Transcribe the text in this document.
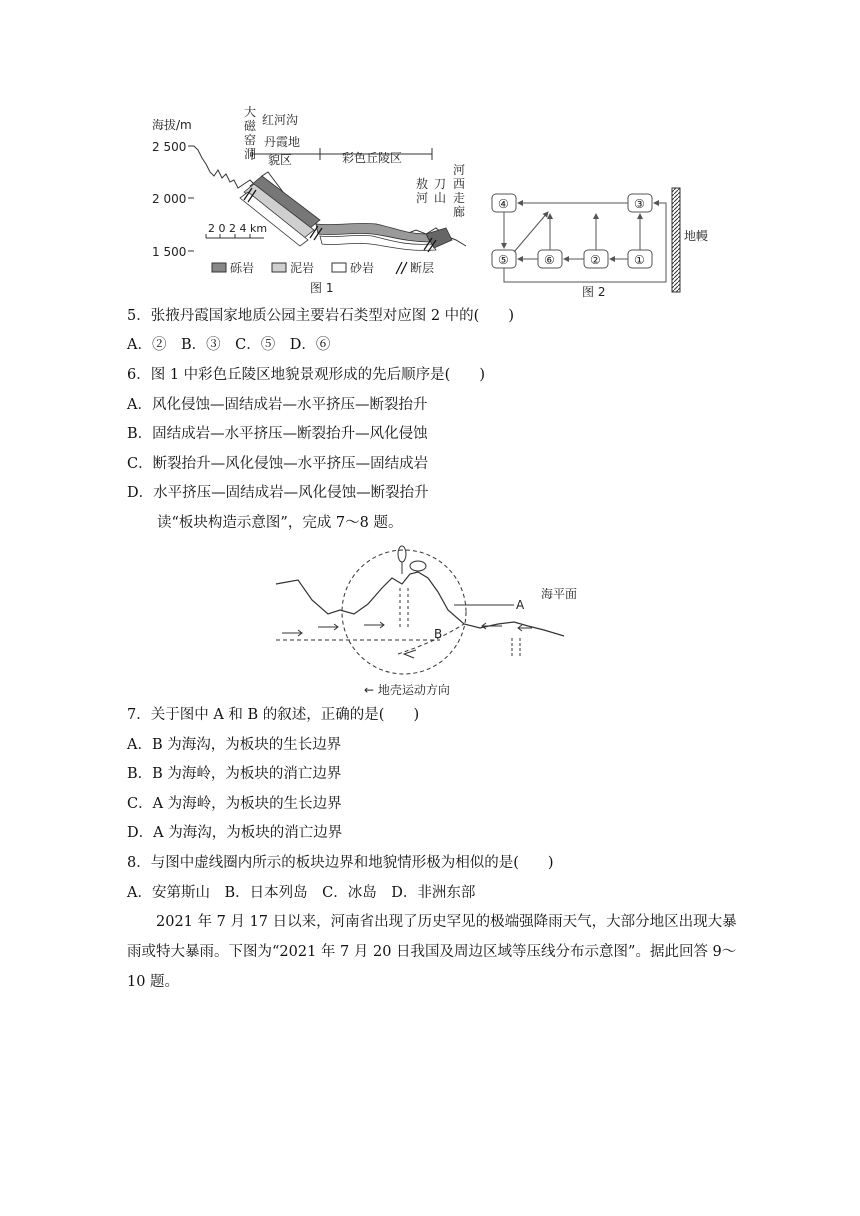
海拔/m
2 500
2 000
1 500
大
磁
窑
洞
红河沟
丹霞地
貌区	彩色丘陵区
敖
河
刀
山
河
西
走
廊
2 0 2 4 km
砾岩	泥岩	砂岩	断层
图 1
④	③
⑤	⑥	②	①
地幔
图 2
5．张掖丹霞国家地质公园主要岩石类型对应图 2 中的(　　)
A．②　B．③　C．⑤　D．⑥
6．图 1 中彩色丘陵区地貌景观形成的先后顺序是(　　)
A．风化侵蚀—固结成岩—水平挤压—断裂抬升
B．固结成岩—水平挤压—断裂抬升—风化侵蚀
C．断裂抬升—风化侵蚀—水平挤压—固结成岩
D．水平挤压—固结成岩—风化侵蚀—断裂抬升
读“板块构造示意图”，完成 7～8 题。
A
海平面
B
← 地壳运动方向
7．关于图中 A 和 B 的叙述，正确的是(　　)
A．B 为海沟，为板块的生长边界
B．B 为海岭，为板块的消亡边界
C．A 为海岭，为板块的生长边界
D．A 为海沟，为板块的消亡边界
8．与图中虚线圈内所示的板块边界和地貌情形极为相似的是(　　)
A．安第斯山　B．日本列岛　C．冰岛　D．非洲东部
2021 年 7 月 17 日以来，河南省出现了历史罕见的极端强降雨天气，大部分地区出现大暴雨或特大暴雨。下图为“2021 年 7 月 20 日我国及周边区域等压线分布示意图”。据此回答 9～10 题。
